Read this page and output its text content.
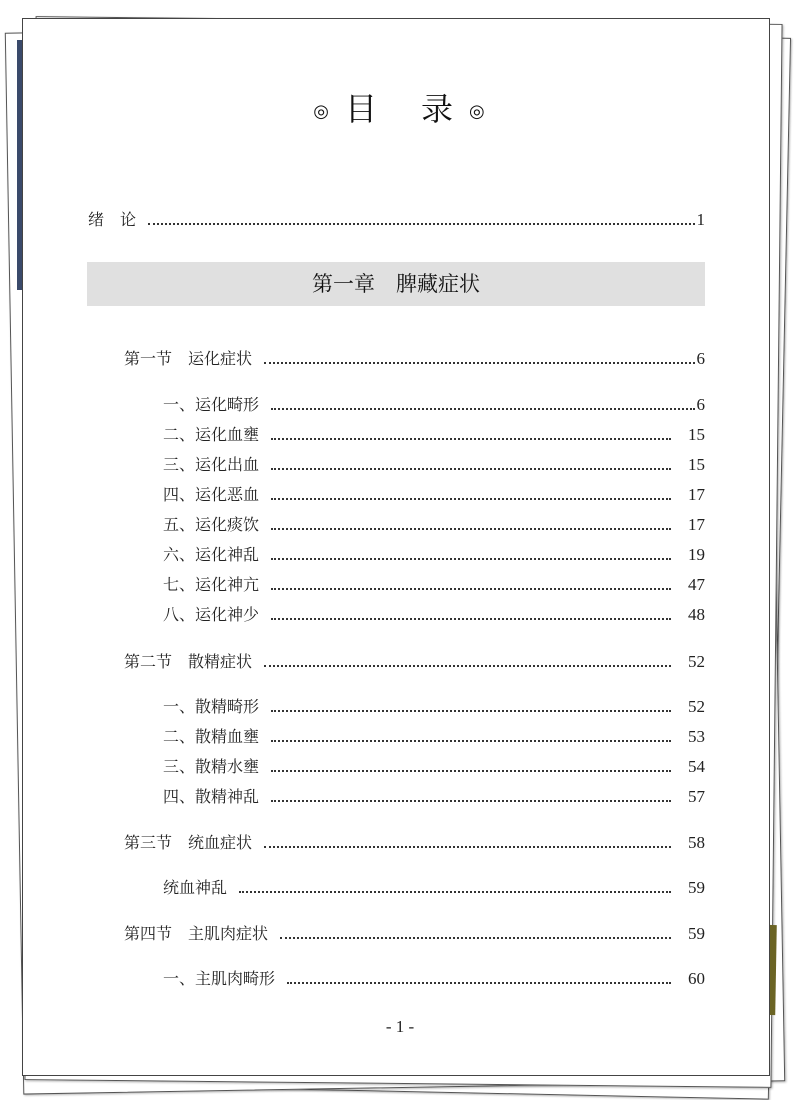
◎ 目 录 ◎
绪　论	1
第一章　脾藏症状
第一节　运化症状	6
一、运化畸形	6
二、运化血壅	15
三、运化出血	15
四、运化恶血	17
五、运化痰饮	17
六、运化神乱	19
七、运化神亢	47
八、运化神少	48
第二节　散精症状	52
一、散精畸形	52
二、散精血壅	53
三、散精水壅	54
四、散精神乱	57
第三节　统血症状	58
统血神乱	59
第四节　主肌肉症状	59
一、主肌肉畸形	60
- 1 -
